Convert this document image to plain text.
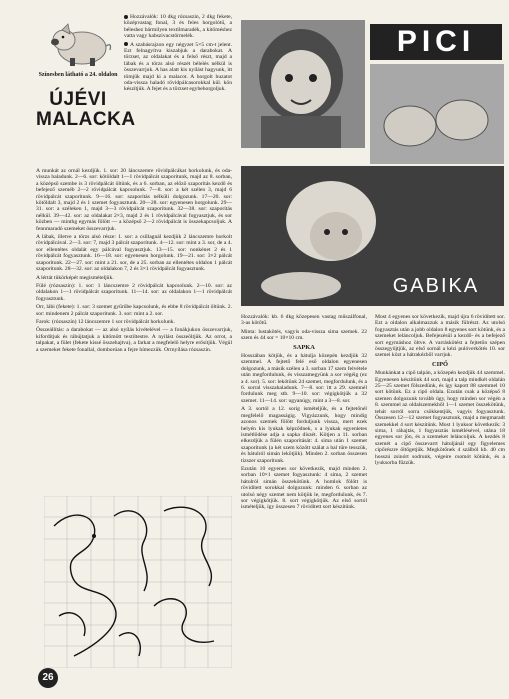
Színesben látható a 24. oldalon
ÚJÉVI
MALACKA

Hozzávalók: 10 dkg rózsaszín, 2 dkg fekete, középvastag fonal, 3 és feles horgolótű, a béleshez bármilyen textilmaradék, a kitöméshez vatta vagy habszivacstörmelék.

A szabásrajzon egy négyzet 5×5 cm-t jelent. Ezt felnagyítva kiszabjuk a darabokat. A törzset, az oldalakat és a felső részt, majd a lábak és a törzs alsó részét bélelés nélkül is összevarrjuk. A has alatt kis nyílást hagyunk, itt tömjük majd ki a malacot. A horgolt huzatot oda-vissza haladó rövidpálcasorokkal kül. kön készítjük. A fejet és a törzset egybehorgoljuk.

A munkát az ornál kezdjük. 1. sor: 20 láncszemre rövidpálcákat horkolunk, és oda-vissza haladunk. 2—6. sor: kötöldalt 1—1 rövidpálcát szaporítunk, majd az 8. sorban, a középső szembe is 3 rövidpálcát öltünk, és a 6. sorban, az előző szaporítás kezdő és befejező szeméb 2—2 rövidpálcát kapcsolunk. 7—8. sor: a két szélen 3, majd 6 rövidpálcát szaporítunk. 9—16. sor: szaporítás nélküli dolgozunk. 17—20. sor: kötöldalt 3, majd 2 és 1 szemet fogyasztunk. 20—28. sor: egyenesen horgolunk. 29—31. sor: a széleken 1, majd 3—3 rövidpálcát szaporítunk. 32—38. sor: szaporítás nélkül. 39—42. sor: az oldalakat 2×3, majd 2 és 1 rövidpálcával fogyasztjuk, és sor közben — minthg egymás fölött — a középső 2—2 rövidpálcát is összekapcsoljuk. A fennmaradó szemeket összevarrjuk.

A lábak, illetve a törzs alsó része: 1. sor: a csillagnál kezdjük 2 láncszemre horkolt rövidpálcával. 2—3. sor: 7, majd 3 pálcát szaporítunk. 4—12. sor: mint a 3. sor, de a 4. sor ellentétes oldalát egy pálcával fogyasztjuk. 13—15. sor: nonkénet 2 és 1 rövidpálcát fogyasztunk. 16—18. sor: egyenesen horgolunk. 19—21. sor: 3×2 pálcát szaporítunk. 22—27. sor: mint a 21. sor, de a 25. sorban az ellentétes oldalon 1 pálcát szaporítunk. 28—32. sor: az oldalakon 7, 2 és 3×1 rövidpálcát fogyasztunk.

A lértát tükörképét megismételjük.

Fülé (rózsaszín): 1. sor: 1 láncszemre 2 rövidpálcát kapcsolunk. 2—10. sor: az oldalakon 1—1 rövidpálcát szaporítunk. 11—14. sor: az oldalakon 1—1 rövidpálcát fogyasztunk.

Orr, lábi (fekete): 1. sor: 3 szemet gyűrűbe kapcsolunk, és ebbe 8 rövidpálcát öltünk. 2. sor: mindenem 2 pálcát szaporítunk. 3. sor: mint a 2. sor.

Farok: (rózsaszín) 12 láncszemre 1 sor rövidpálcát horkolunk.

Összeállítás: a darabokat — az alsó nyílás kivételével — a fonákjukon összevarrjuk, kifordítjuk és rábújtatjuk a kitömött textiltestre. A nyílást összeöltjük. Az orrot, a talpakat, a fület (fekete kissé összehajtva), a farkat a megfelelő helyre erősítjük. Végül a szemeket fekete fonallal, domborúan a fejre hímezzük. Orrnyílása rózsaszín.

26
PICI
GABIKA

Hozzávalók: kb. 6 dkg közepesen vastag műszálfonal, 3-as kötőtű.

Minta: lustakötés, vagyis oda-vissza sima szemek. 22 szem és 44 sor = 10×10 cm.

SAPKA

Hosszában kötjük, és a hátulja közepén kezdjük 32 szemmel. A fejtető felé eső oldalon egyenesen dolgozunk, a másik szélen a 3. sorban 17 szem felvétele után megfordulunk, és visszamegyünk a sor végéig (ez a 4. sor). 5. sor: lekötünk 24 szemet, megfordulunk, és a 6. sorral visszahaladunk. 7—8. sor: itt a 29. szemnél fordulunk meg stb. 9—10. sor: végigkötjük a 32 szemet. 11—14. sor: ugyanúgy, mint a 3—8. sor.

A 3. sortól a 12. sorig ismételjük, és a fejtetőnél megfelelő magasságig. Vigyázzunk, hogy mindig azonos szemek fölött forduljunk vissza, mert ezek helyén kis lyukak képződnek, s a lyukak egyenletes ismétlődése adja a sapka díszét. Kötjen a 11. sorban elkezdjük a fülén szaporítását: 4. sima után 1 szemet szaporítunk (a két szem között szálat a bal tűre tesszük, és hátulról simán lekötjük). Minden 2. sorban összesen tízszer szaporítunk.

Ezután 10 egyenes sor következik, majd minden 2. sorban 10×1 szemet fogyasztunk: 4 sima, 2 szemet hátulról simán összekötünk. A homlok fölött is rövidített sorokkal dolgozunk: minden 6. sorban az utolsó négy szemet nem kötjük le, megfordulunk, és 7. sor végigkötjük. 8. sort végigkötjük. Az első sortól ismételjük, így összesen 7 rövidített sort készítünk.

Most 4 egyenes sor következik, majd újra 6 rövidített sor. Ezt a oldalon alkalmazzuk a másik fülrészt. Az utolsó fogyasztás után a jobb oldalon 8 egyenes sort kötünk, és a szemeket leláncoljuk. Befejezésül a kezdő- és a befejező sort egymáshoz öltve. A varráskötést a fejtetőn szépen összegyűjtjük, az első sornál a kézi pulóverkötés 10. sor szemei közt a hátrakézből varrjuk.

CIPŐ

Munkánkat a cipő talpán, a közepén kezdjük 44 szemmel. Egyenesen készítünk 44 sort, majd a talp mindkét oldalán 25—25 szemet fölszedünk, és így kapott 88 szemmel 10 sort kötünk. Ez a cipő oldala. Ezután csak a középső 8 szemen dolgozunk tovább úgy, hogy minden sor végén a 8. szemmel az oldalszemekből 1—1 szemet összekötünk, tehát sorról sorra csökkentjük, vagyis fogyasztunk. Összesen 12—12 szemet fogyasztunk, majd a megmaradt szemekkel 4 sort készítünk. Most 1 lyuksor következik: 3 sima, 1 ráhajtás, 1 fogyasztás ismétlésével, utána 18 egyenes sor jön, és a szemeket leláncoljuk. A kezdés 8 szemét a cipő összevarrt hátuljánál egy figyelemes cipőrészre öltögetjük. Megkötőnek 4 szálból kb. 40 cm hosszú zsinórt sodrunk, végeire csomót kötünk, és a lyuksorba fűzzük.
